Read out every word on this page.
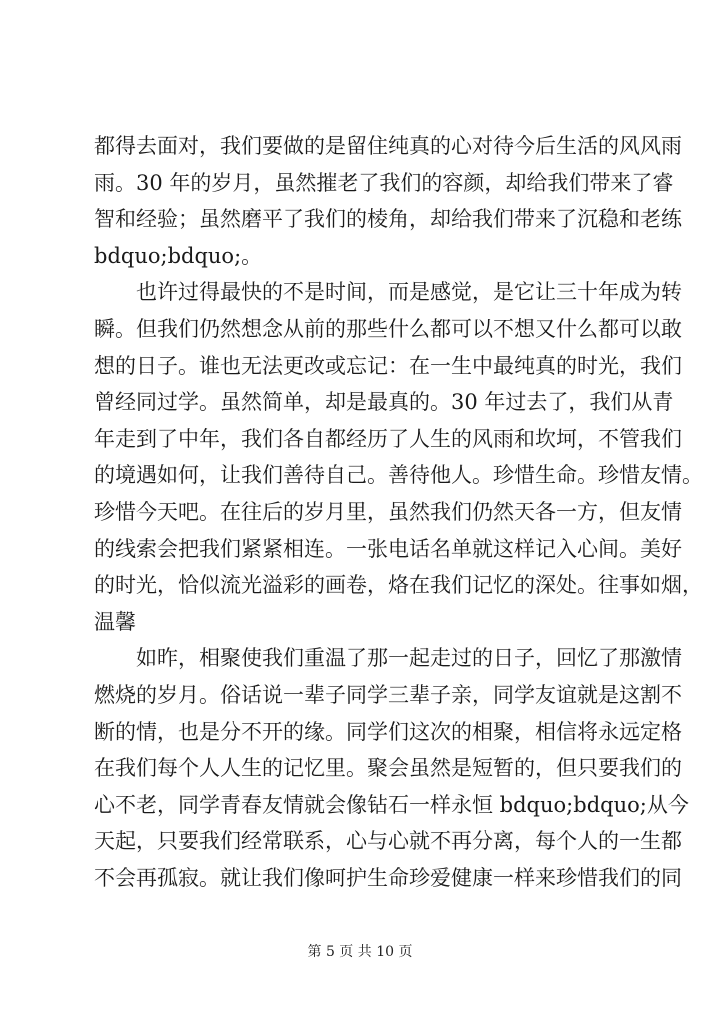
都得去面对，我们要做的是留住纯真的心对待今后生活的风风雨
雨。30 年的岁月，虽然摧老了我们的容颜，却给我们带来了睿
智和经验；虽然磨平了我们的棱角，却给我们带来了沉稳和老练
bdquo;bdquo;。
也许过得最快的不是时间，而是感觉，是它让三十年成为转
瞬。但我们仍然想念从前的那些什么都可以不想又什么都可以敢
想的日子。谁也无法更改或忘记：在一生中最纯真的时光，我们
曾经同过学。虽然简单，却是最真的。30 年过去了，我们从青
年走到了中年，我们各自都经历了人生的风雨和坎坷，不管我们
的境遇如何，让我们善待自己。善待他人。珍惜生命。珍惜友情。
珍惜今天吧。在往后的岁月里，虽然我们仍然天各一方，但友情
的线索会把我们紧紧相连。一张电话名单就这样记入心间。美好
的时光，恰似流光溢彩的画卷，烙在我们记忆的深处。往事如烟，
温馨
如昨，相聚使我们重温了那一起走过的日子，回忆了那激情
燃烧的岁月。俗话说一辈子同学三辈子亲，同学友谊就是这割不
断的情，也是分不开的缘。同学们这次的相聚，相信将永远定格
在我们每个人人生的记忆里。聚会虽然是短暂的，但只要我们的
心不老，同学青春友情就会像钻石一样永恒 bdquo;bdquo;从今
天起，只要我们经常联系，心与心就不再分离，每个人的一生都
不会再孤寂。就让我们像呵护生命珍爱健康一样来珍惜我们的同
第 5 页 共 10 页
